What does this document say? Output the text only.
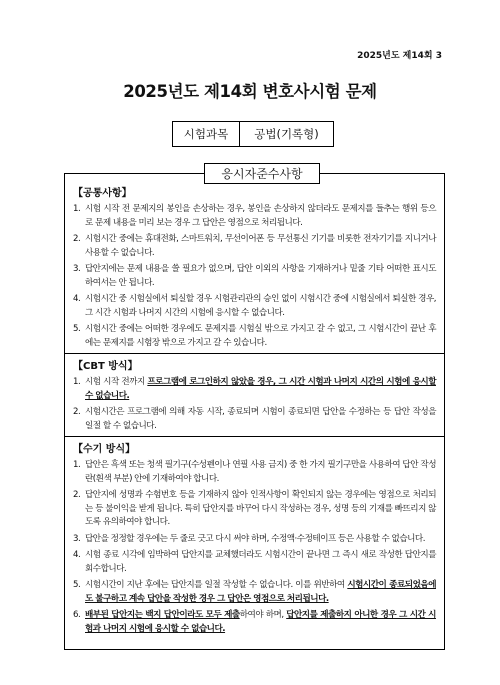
2025년도 제14회 3
2025년도 제14회 변호사시험 문제
시험과목	공법(기록형)
응시자준수사항
【공통사항】
1. 시험 시작 전 문제지의 봉인을 손상하는 경우, 봉인을 손상하지 않더라도 문제지를 들추는 행위 등으로 문제 내용을 미리 보는 경우 그 답안은 영점으로 처리됩니다.
2. 시험시간 중에는 휴대전화, 스마트워치, 무선이어폰 등 무선통신 기기를 비롯한 전자기기를 지니거나 사용할 수 없습니다.
3. 답안지에는 문제 내용을 쓸 필요가 없으며, 답안 이외의 사항을 기재하거나 밑줄 기타 어떠한 표시도 하여서는 안 됩니다.
4. 시험시간 중 시험실에서 퇴실할 경우 시험관리관의 승인 없이 시험시간 중에 시험실에서 퇴실한 경우, 그 시간 시험과 나머지 시간의 시험에 응시할 수 없습니다.
5. 시험시간 중에는 어떠한 경우에도 문제지를 시험실 밖으로 가지고 갈 수 없고, 그 시험시간이 끝난 후에는 문제지를 시험장 밖으로 가지고 갈 수 있습니다.
【CBT 방식】
1. 시험 시작 전까지 프로그램에 로그인하지 않았을 경우, 그 시간 시험과 나머지 시간의 시험에 응시할 수 없습니다.
2. 시험시간은 프로그램에 의해 자동 시작, 종료되며 시험이 종료되면 답안을 수정하는 등 답안 작성을 일절 할 수 없습니다.
【수기 방식】
1. 답안은 흑색 또는 청색 필기구(수성펜이나 연필 사용 금지) 중 한 가지 필기구만을 사용하여 답안 작성란(흰색 부분) 안에 기재하여야 합니다.
2. 답안지에 성명과 수험번호 등을 기재하지 않아 인적사항이 확인되지 않는 경우에는 영점으로 처리되는 등 불이익을 받게 됩니다. 특히 답안지를 바꾸어 다시 작성하는 경우, 성명 등의 기재를 빠뜨리지 않도록 유의하여야 합니다.
3. 답안을 정정할 경우에는 두 줄로 긋고 다시 써야 하며, 수정액·수정테이프 등은 사용할 수 없습니다.
4. 시험 종료 시각에 임박하여 답안지를 교체했더라도 시험시간이 끝나면 그 즉시 새로 작성한 답안지를 회수합니다.
5. 시험시간이 지난 후에는 답안지를 일절 작성할 수 없습니다. 이를 위반하여 시험시간이 종료되었음에도 불구하고 계속 답안을 작성한 경우 그 답안은 영점으로 처리됩니다.
6. 배부된 답안지는 백지 답안이라도 모두 제출하여야 하며, 답안지를 제출하지 아니한 경우 그 시간 시험과 나머지 시험에 응시할 수 없습니다.
